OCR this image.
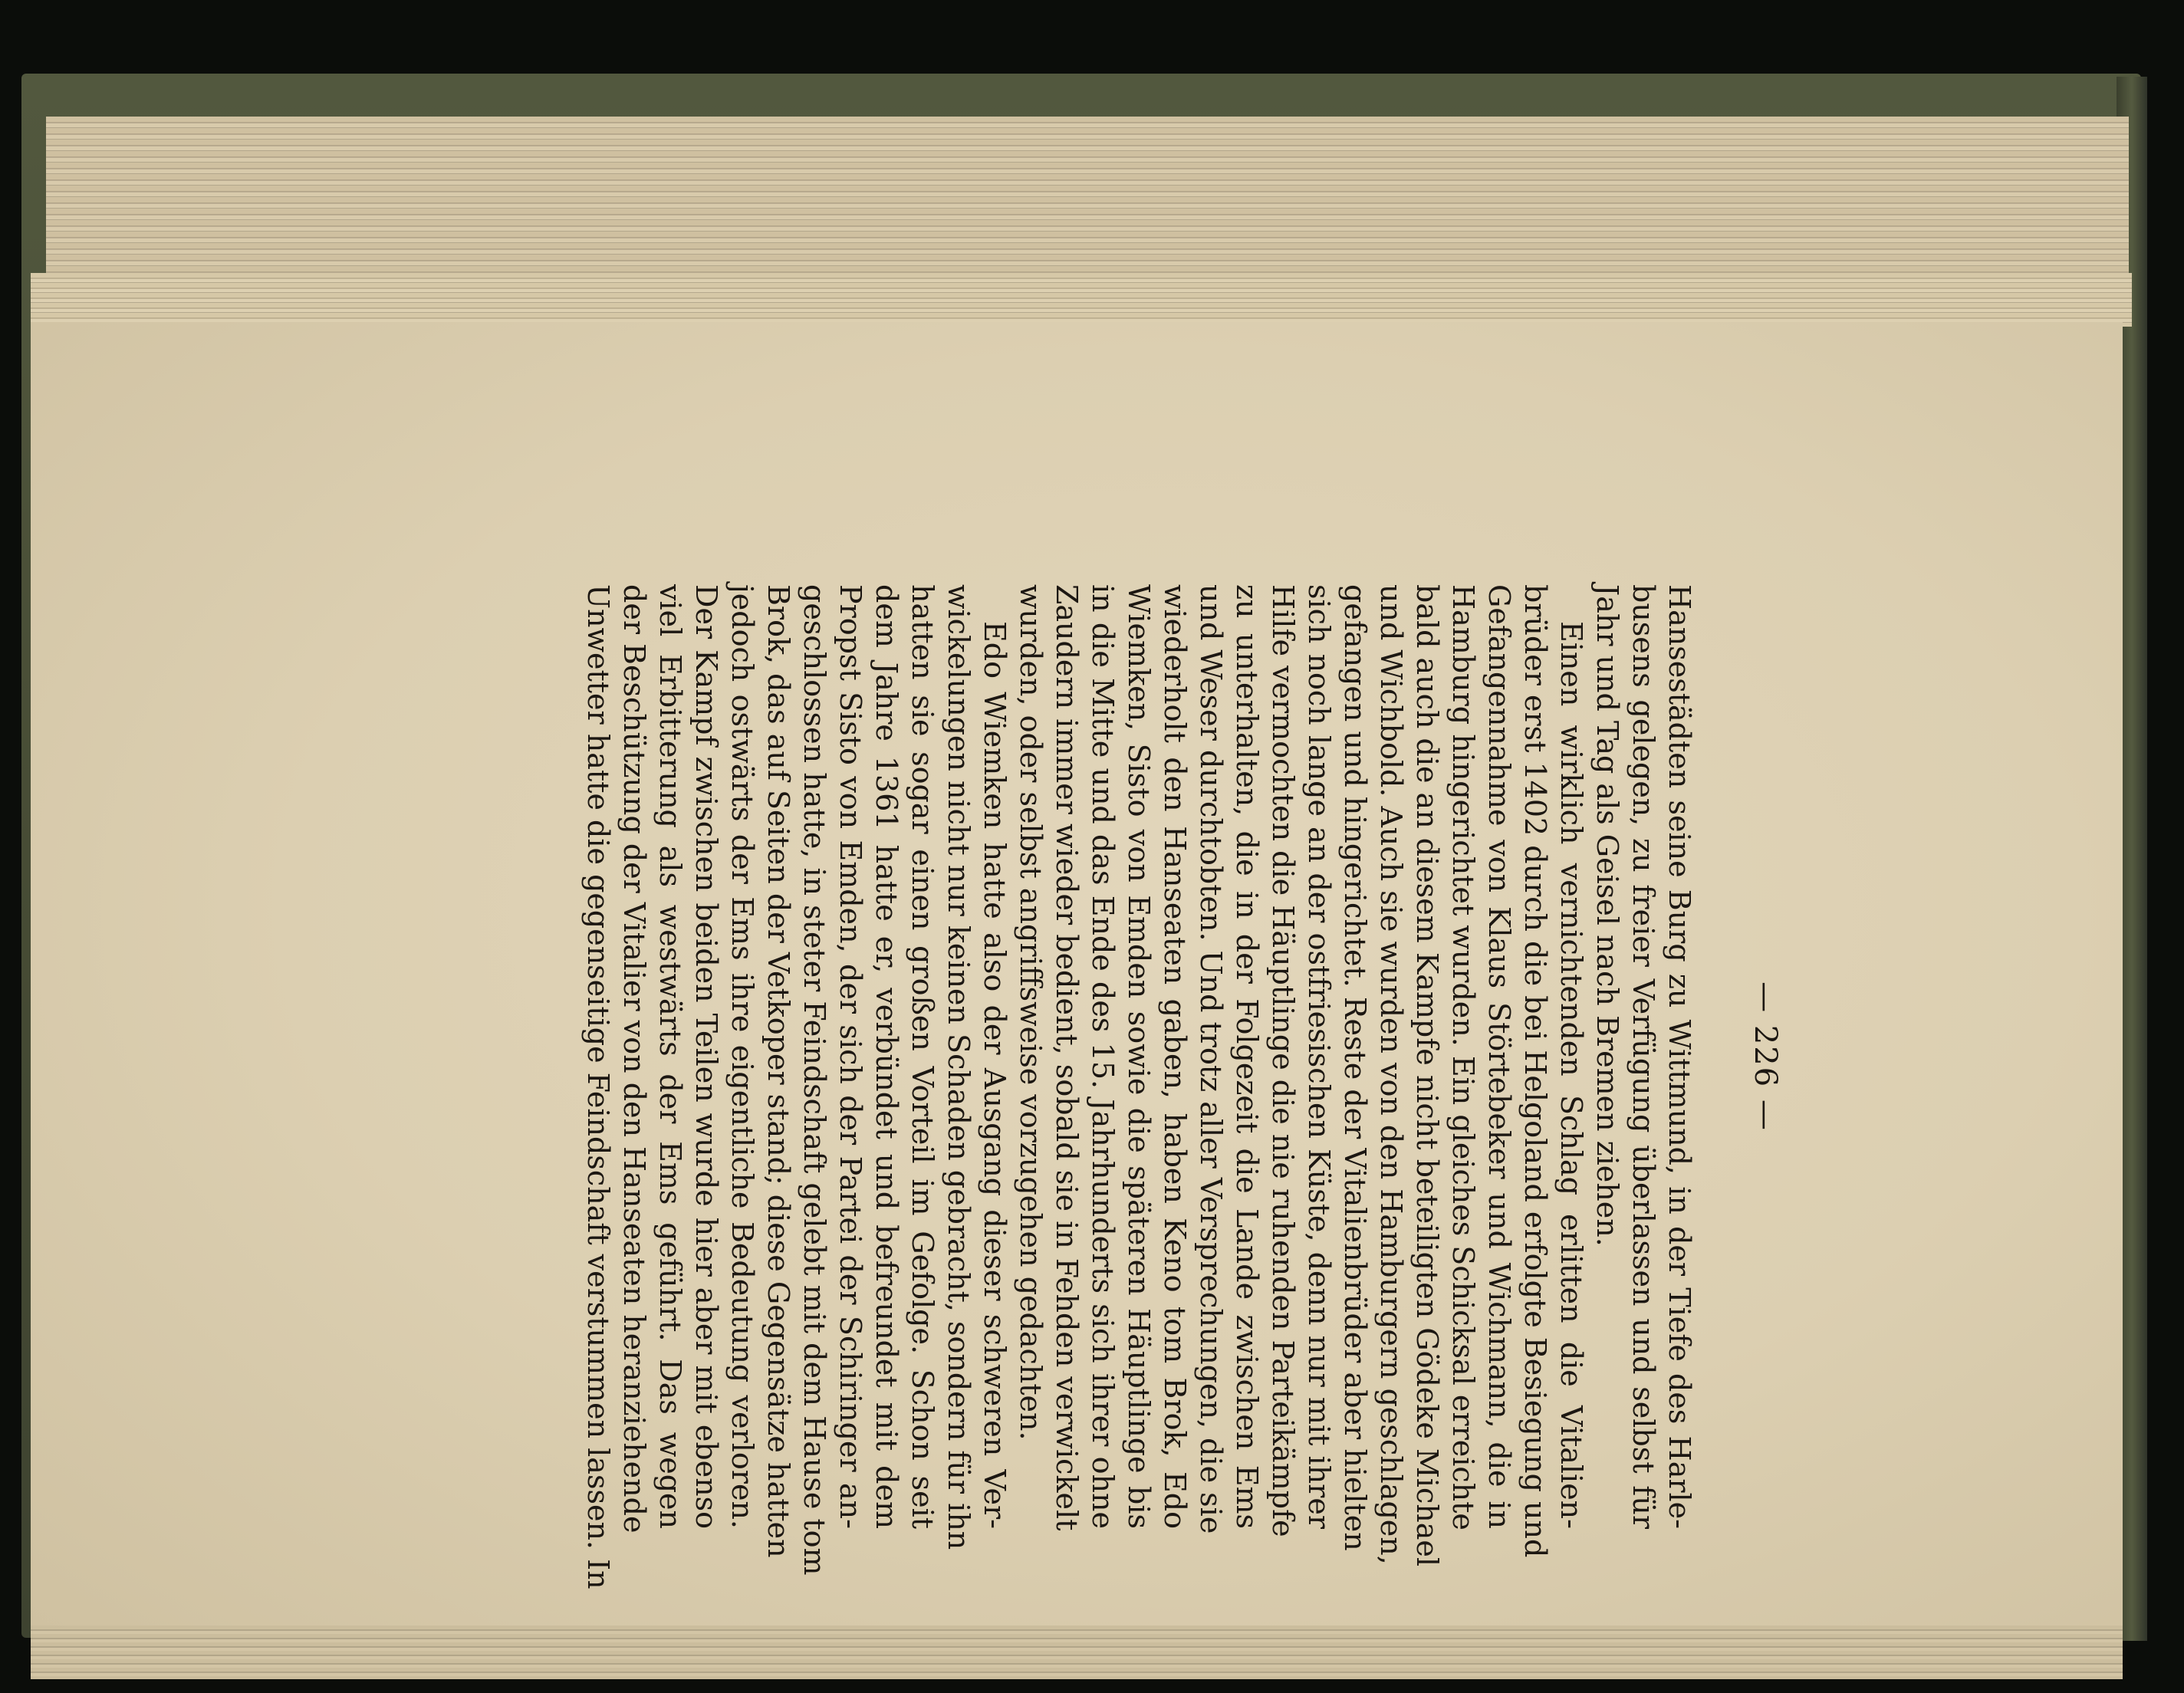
— 226 —
Hansestädten seine Burg zu Wittmund, in der Tiefe des Harle-
busens gelegen, zu freier Verfügung überlassen und selbst für
Jahr und Tag als Geisel nach Bremen ziehen.
Einen wirklich vernichtenden Schlag erlitten die Vitalien-
brüder erst 1402 durch die bei Helgoland erfolgte Besiegung und
Gefangennahme von Klaus Störtebeker und Wichmann, die in
Hamburg hingerichtet wurden. Ein gleiches Schicksal erreichte
bald auch die an diesem Kampfe nicht beteiligten Gödeke Michael
und Wichbold. Auch sie wurden von den Hamburgern geschlagen,
gefangen und hingerichtet. Reste der Vitalienbrüder aber hielten
sich noch lange an der ostfriesischen Küste, denn nur mit ihrer
Hilfe vermochten die Häuptlinge die nie ruhenden Parteikämpfe
zu unterhalten, die in der Folgezeit die Lande zwischen Ems
und Weser durchtobten. Und trotz aller Versprechungen, die sie
wiederholt den Hanseaten gaben, haben Keno tom Brok, Edo
Wiemken, Sisto von Emden sowie die späteren Häuptlinge bis
in die Mitte und das Ende des 15. Jahrhunderts sich ihrer ohne
Zaudern immer wieder bedient, sobald sie in Fehden verwickelt
wurden, oder selbst angriffsweise vorzugehen gedachten.
Edo Wiemken hatte also der Ausgang dieser schweren Ver-
wickelungen nicht nur keinen Schaden gebracht, sondern für ihn
hatten sie sogar einen großen Vorteil im Gefolge. Schon seit
dem Jahre 1361 hatte er, verbündet und befreundet mit dem
Propst Sisto von Emden, der sich der Partei der Schiringer an-
geschlossen hatte, in steter Feindschaft gelebt mit dem Hause tom
Brok, das auf Seiten der Vetkoper stand; diese Gegensätze hatten
jedoch ostwärts der Ems ihre eigentliche Bedeutung verloren.
Der Kampf zwischen beiden Teilen wurde hier aber mit ebenso
viel Erbitterung als westwärts der Ems geführt. Das wegen
der Beschützung der Vitalier von den Hanseaten heranziehende
Unwetter hatte die gegenseitige Feindschaft verstummen lassen. In
